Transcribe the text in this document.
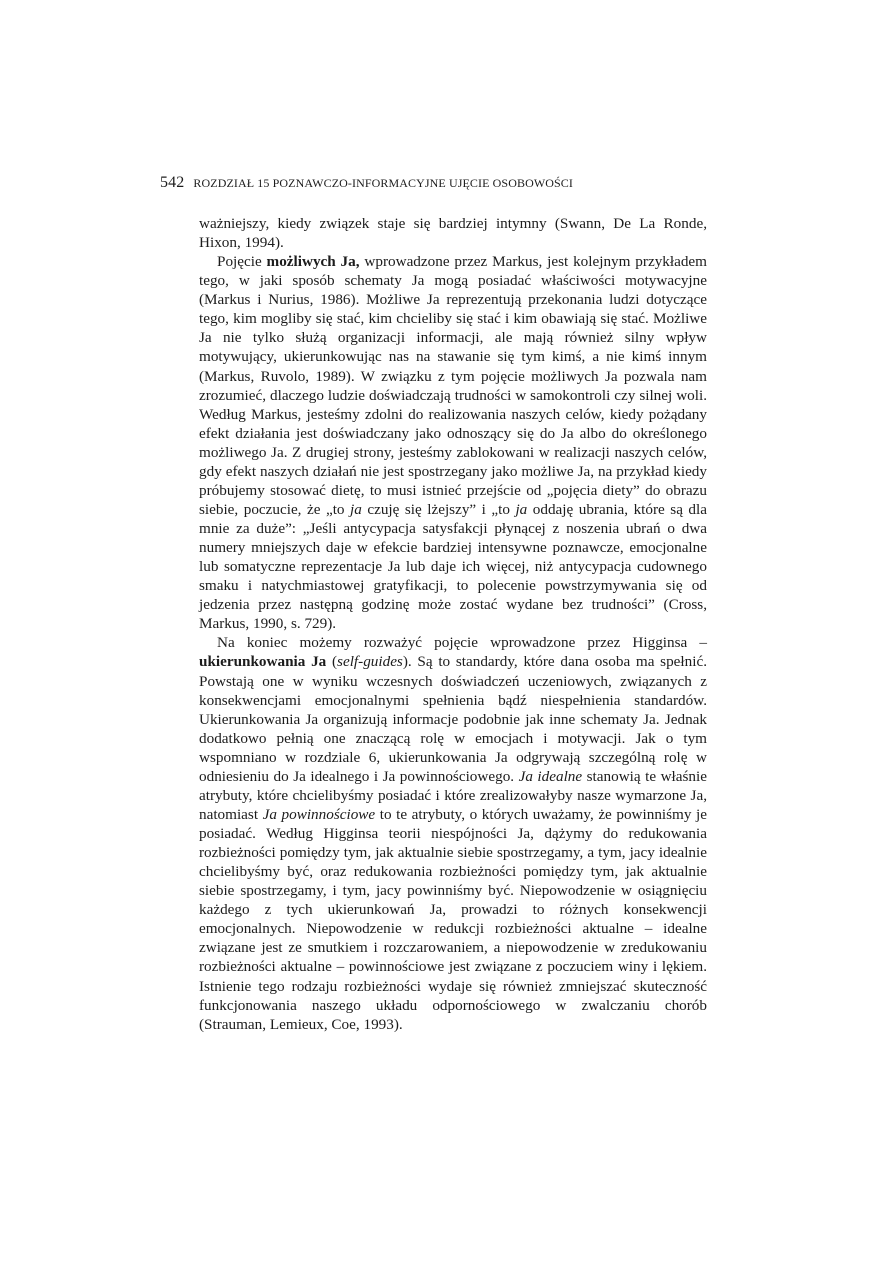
542 ROZDZIAŁ 15 POZNAWCZO-INFORMACYJNE UJĘCIE OSOBOWOŚCI

ważniejszy, kiedy związek staje się bardziej intymny (Swann, De La Ronde, Hixon, 1994).

Pojęcie możliwych Ja, wprowadzone przez Markus, jest kolejnym przykładem tego, w jaki sposób schematy Ja mogą posiadać właściwości motywacyjne (Markus i Nurius, 1986). Możliwe Ja reprezentują przekonania ludzi dotyczące tego, kim mogliby się stać, kim chcieliby się stać i kim obawiają się stać. Możliwe Ja nie tylko służą organizacji informacji, ale mają również silny wpływ motywujący, ukierunkowując nas na stawanie się tym kimś, a nie kimś innym (Markus, Ruvolo, 1989). W związku z tym pojęcie możliwych Ja pozwala nam zrozumieć, dlaczego ludzie doświadczają trudności w samokontroli czy silnej woli. Według Markus, jesteśmy zdolni do realizowania naszych celów, kiedy pożądany efekt działania jest doświadczany jako odnoszący się do Ja albo do określonego możliwego Ja. Z drugiej strony, jesteśmy zablokowani w realizacji naszych celów, gdy efekt naszych działań nie jest spostrzegany jako możliwe Ja, na przykład kiedy próbujemy stosować dietę, to musi istnieć przejście od „pojęcia diety” do obrazu siebie, poczucie, że „to ja czuję się lżejszy” i „to ja oddaję ubrania, które są dla mnie za duże”: „Jeśli antycypacja satysfakcji płynącej z noszenia ubrań o dwa numery mniejszych daje w efekcie bardziej intensywne poznawcze, emocjonalne lub somatyczne reprezentacje Ja lub daje ich więcej, niż antycypacja cudownego smaku i natychmiastowej gratyfikacji, to polecenie powstrzymywania się od jedzenia przez następną godzinę może zostać wydane bez trudności” (Cross, Markus, 1990, s. 729).

Na koniec możemy rozważyć pojęcie wprowadzone przez Higginsa – ukierunkowania Ja (self-guides). Są to standardy, które dana osoba ma spełnić. Powstają one w wyniku wczesnych doświadczeń uczeniowych, związanych z konsekwencjami emocjonalnymi spełnienia bądź niespełnienia standardów. Ukierunkowania Ja organizują informacje podobnie jak inne schematy Ja. Jednak dodatkowo pełnią one znaczącą rolę w emocjach i motywacji. Jak o tym wspomniano w rozdziale 6, ukierunkowania Ja odgrywają szczególną rolę w odniesieniu do Ja idealnego i Ja powinnościowego. Ja idealne stanowią te właśnie atrybuty, które chcielibyśmy posiadać i które zrealizowałyby nasze wymarzone Ja, natomiast Ja powinnościowe to te atrybuty, o których uważamy, że powinniśmy je posiadać. Według Higginsa teorii niespójności Ja, dążymy do redukowania rozbieżności pomiędzy tym, jak aktualnie siebie spostrzegamy, a tym, jacy idealnie chcielibyśmy być, oraz redukowania rozbieżności pomiędzy tym, jak aktualnie siebie spostrzegamy, i tym, jacy powinniśmy być. Niepowodzenie w osiągnięciu każdego z tych ukierunkowań Ja, prowadzi to różnych konsekwencji emocjonalnych. Niepowodzenie w redukcji rozbieżności aktualne – idealne związane jest ze smutkiem i rozczarowaniem, a niepowodzenie w zredukowaniu rozbieżności aktualne – powinnościowe jest związane z poczuciem winy i lękiem. Istnienie tego rodzaju rozbieżności wydaje się również zmniejszać skuteczność funkcjonowania naszego układu odpornościowego w zwalczaniu chorób (Strauman, Lemieux, Coe, 1993).
